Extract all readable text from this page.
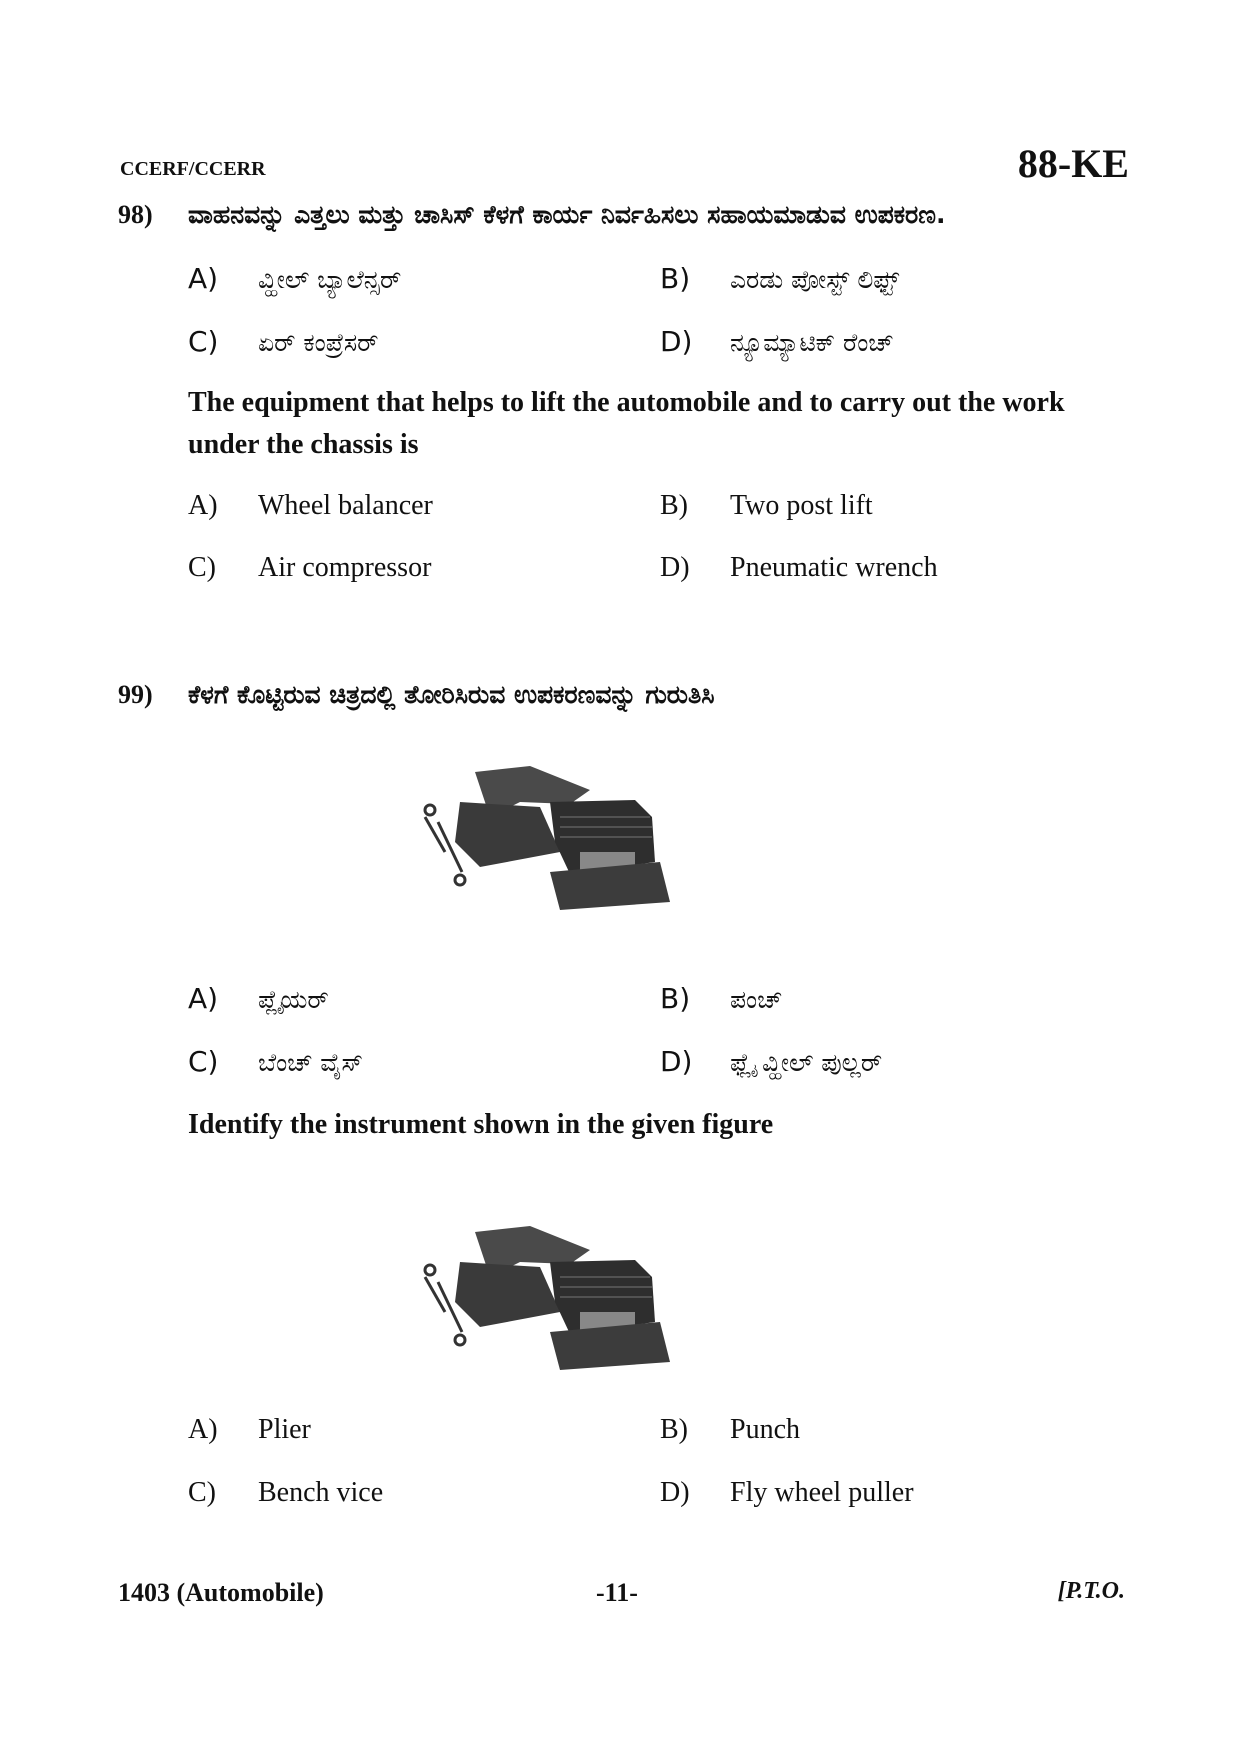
CCERF/CCERR	88-KE
98) ವಾಹನವನ್ನು ಎತ್ತಲು ಮತ್ತು ಚಾಸಿಸ್ ಕೆಳಗೆ ಕಾರ್ಯ ನಿರ್ವಹಿಸಲು ಸಹಾಯಮಾಡುವ ಉಪಕರಣ.
A) ವ್ಹೀಲ್ ಬ್ಯಾಲೆನ್ಸರ್	B) ಎರಡು ಪೋಸ್ಟ್ ಲಿಫ್ಟ್
C) ಏರ್ ಕಂಪ್ರೆಸರ್	D) ನ್ಯೂಮ್ಯಾಟಿಕ್ ರೆಂಚ್
The equipment that helps to lift the automobile and to carry out the work
under the chassis is
A) Wheel balancer	B) Two post lift
C) Air compressor	D) Pneumatic wrench
99) ಕೆಳಗೆ ಕೊಟ್ಟಿರುವ ಚಿತ್ರದಲ್ಲಿ ತೋರಿಸಿರುವ ಉಪಕರಣವನ್ನು ಗುರುತಿಸಿ
A) ಪ್ಲೈಯರ್	B) ಪಂಚ್
C) ಬೆಂಚ್ ವೈಸ್	D) ಫ್ಲೈ ವ್ಹೀಲ್ ಪುಲ್ಲರ್
Identify the instrument shown in the given figure
A) Plier	B) Punch
C) Bench vice	D) Fly wheel puller
1403 (Automobile)	-11-	[P.T.O.
